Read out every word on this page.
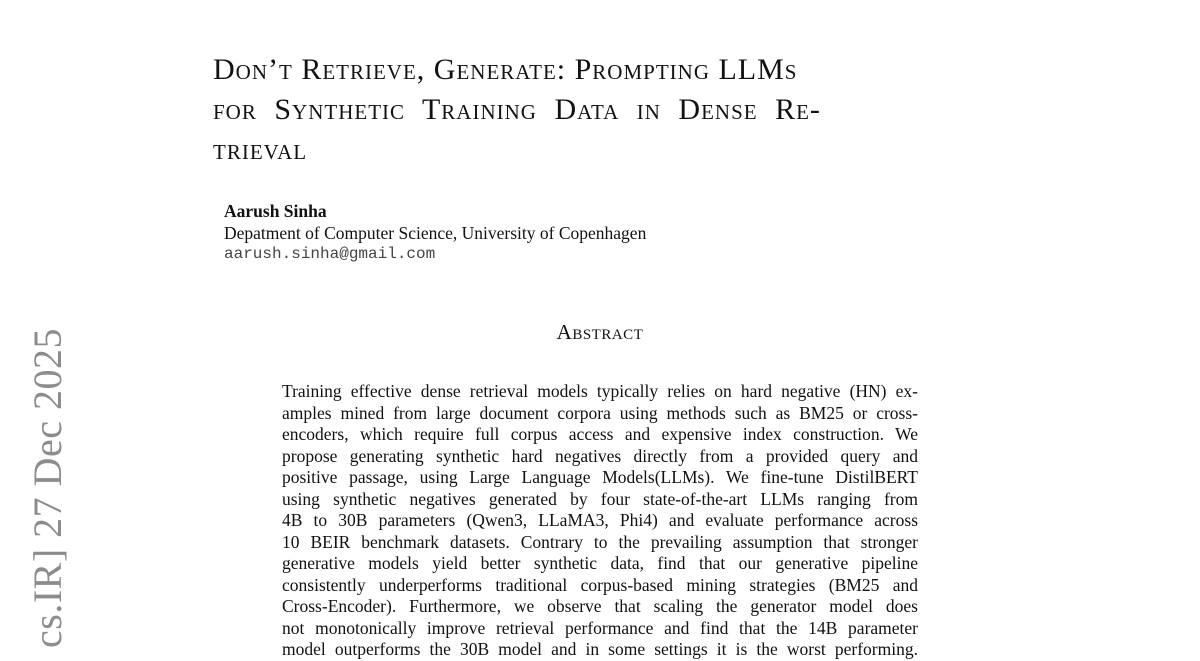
cs.IR] 27 Dec 2025
Don’t Retrieve, Generate: Prompting LLMs
for Synthetic Training Data in Dense Re-
trieval
Aarush Sinha
Depatment of Computer Science, University of Copenhagen
aarush.sinha@gmail.com
Abstract
Training effective dense retrieval models typically relies on hard negative (HN) ex-
amples mined from large document corpora using methods such as BM25 or cross-
encoders, which require full corpus access and expensive index construction. We
propose generating synthetic hard negatives directly from a provided query and
positive passage, using Large Language Models(LLMs). We fine-tune DistilBERT
using synthetic negatives generated by four state-of-the-art LLMs ranging from
4B to 30B parameters (Qwen3, LLaMA3, Phi4) and evaluate performance across
10 BEIR benchmark datasets. Contrary to the prevailing assumption that stronger
generative models yield better synthetic data, find that our generative pipeline
consistently underperforms traditional corpus-based mining strategies (BM25 and
Cross-Encoder). Furthermore, we observe that scaling the generator model does
not monotonically improve retrieval performance and find that the 14B parameter
model outperforms the 30B model and in some settings it is the worst performing.
